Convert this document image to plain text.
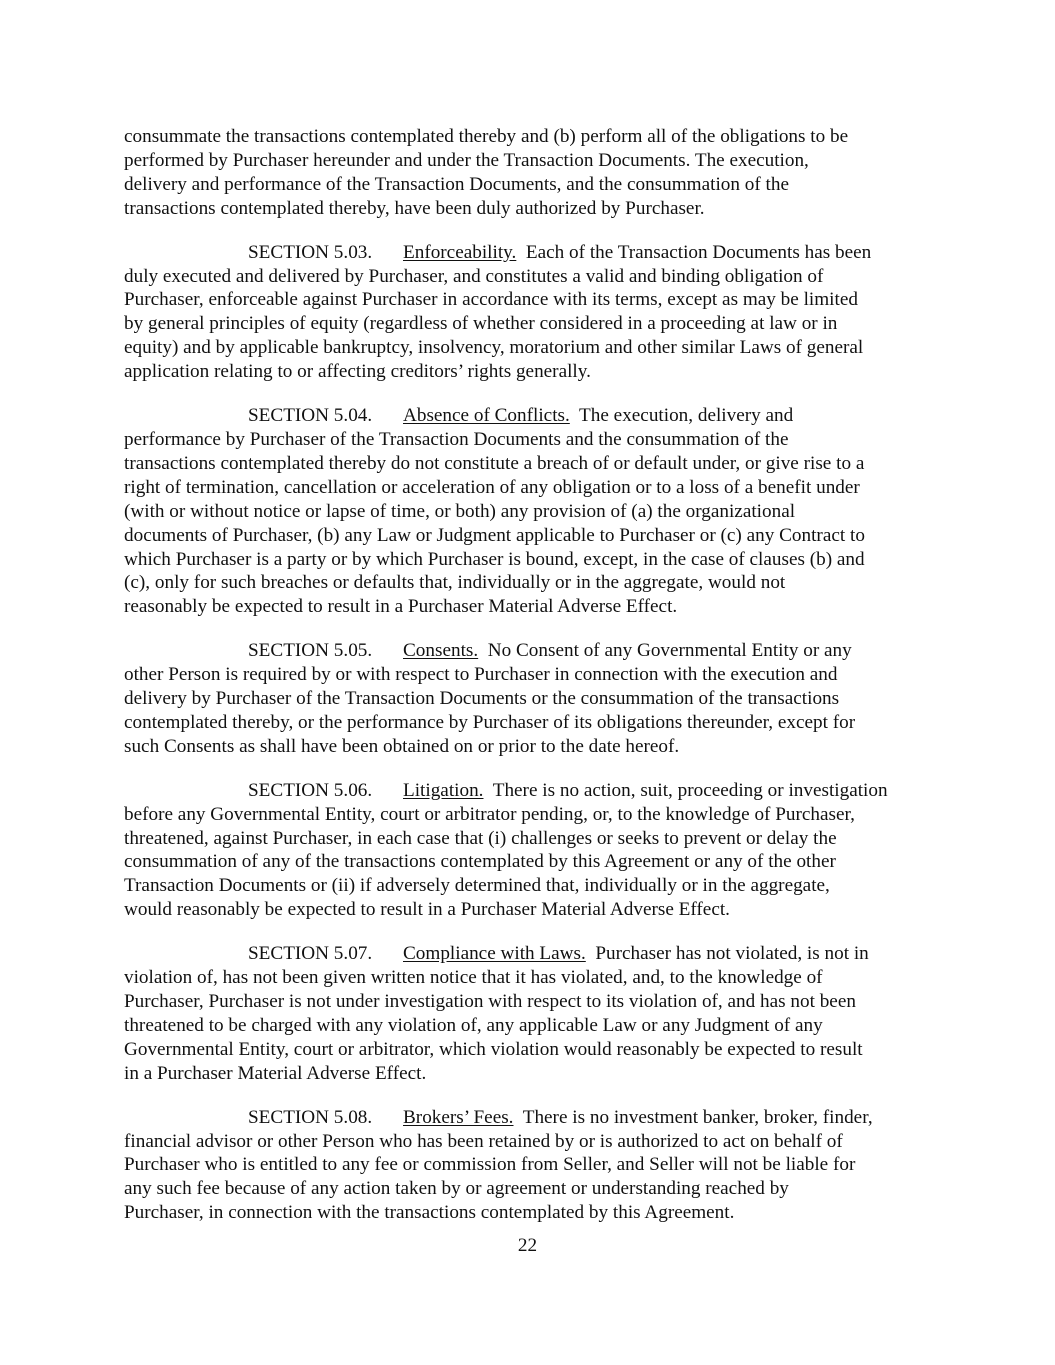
consummate the transactions contemplated thereby and (b) perform all of the obligations to be
performed by Purchaser hereunder and under the Transaction Documents. The execution,
delivery and performance of the Transaction Documents, and the consummation of the
transactions contemplated thereby, have been duly authorized by Purchaser.

SECTION 5.03. Enforceability.  Each of the Transaction Documents has been
duly executed and delivered by Purchaser, and constitutes a valid and binding obligation of
Purchaser, enforceable against Purchaser in accordance with its terms, except as may be limited
by general principles of equity (regardless of whether considered in a proceeding at law or in
equity) and by applicable bankruptcy, insolvency, moratorium and other similar Laws of general
application relating to or affecting creditors’ rights generally.

SECTION 5.04. Absence of Conflicts.  The execution, delivery and
performance by Purchaser of the Transaction Documents and the consummation of the
transactions contemplated thereby do not constitute a breach of or default under, or give rise to a
right of termination, cancellation or acceleration of any obligation or to a loss of a benefit under
(with or without notice or lapse of time, or both) any provision of (a) the organizational
documents of Purchaser, (b) any Law or Judgment applicable to Purchaser or (c) any Contract to
which Purchaser is a party or by which Purchaser is bound, except, in the case of clauses (b) and
(c), only for such breaches or defaults that, individually or in the aggregate, would not
reasonably be expected to result in a Purchaser Material Adverse Effect.

SECTION 5.05. Consents.  No Consent of any Governmental Entity or any
other Person is required by or with respect to Purchaser in connection with the execution and
delivery by Purchaser of the Transaction Documents or the consummation of the transactions
contemplated thereby, or the performance by Purchaser of its obligations thereunder, except for
such Consents as shall have been obtained on or prior to the date hereof.

SECTION 5.06. Litigation.  There is no action, suit, proceeding or investigation
before any Governmental Entity, court or arbitrator pending, or, to the knowledge of Purchaser,
threatened, against Purchaser, in each case that (i) challenges or seeks to prevent or delay the
consummation of any of the transactions contemplated by this Agreement or any of the other
Transaction Documents or (ii) if adversely determined that, individually or in the aggregate,
would reasonably be expected to result in a Purchaser Material Adverse Effect.

SECTION 5.07. Compliance with Laws.  Purchaser has not violated, is not in
violation of, has not been given written notice that it has violated, and, to the knowledge of
Purchaser, Purchaser is not under investigation with respect to its violation of, and has not been
threatened to be charged with any violation of, any applicable Law or any Judgment of any
Governmental Entity, court or arbitrator, which violation would reasonably be expected to result
in a Purchaser Material Adverse Effect.

SECTION 5.08. Brokers’ Fees.  There is no investment banker, broker, finder,
financial advisor or other Person who has been retained by or is authorized to act on behalf of
Purchaser who is entitled to any fee or commission from Seller, and Seller will not be liable for
any such fee because of any action taken by or agreement or understanding reached by
Purchaser, in connection with the transactions contemplated by this Agreement.

22
